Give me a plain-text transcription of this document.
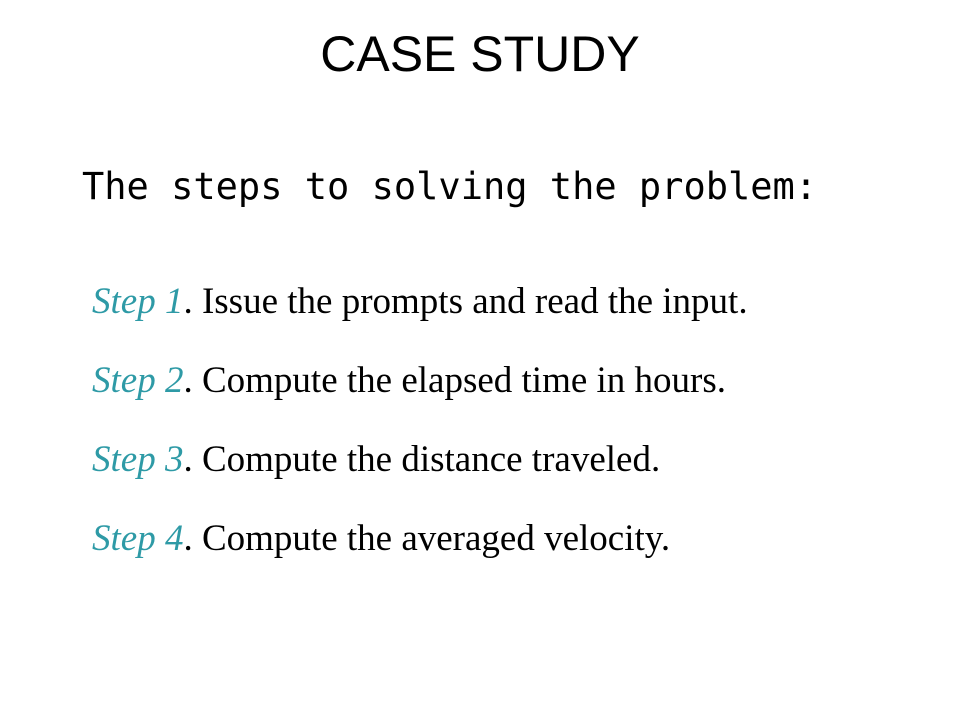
CASE STUDY

The steps to solving the problem:

Step 1. Issue the prompts and read the input.
Step 2. Compute the elapsed time in hours.
Step 3. Compute the distance traveled.
Step 4. Compute the averaged velocity.
